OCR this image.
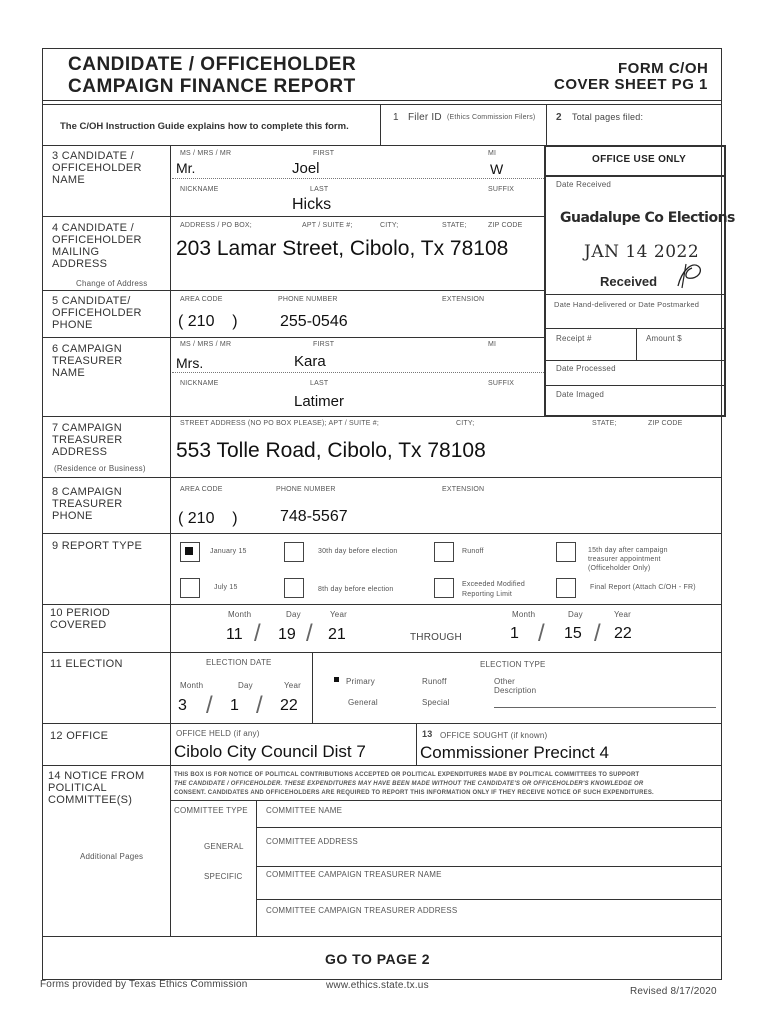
CANDIDATE / OFFICEHOLDER
CAMPAIGN FINANCE REPORT
FORM C/OH
COVER SHEET PG 1
The C/OH Instruction Guide explains how to complete this form.
1 Filer ID (Ethics Commission Filers) 2 Total pages filed:
OFFICE USE ONLY
Date Received
Guadalupe Co Elections
JAN 14 2022
Received
Date Hand-delivered or Date Postmarked
Receipt #	Amount $
Date Processed
Date Imaged
3 CANDIDATE /
OFFICEHOLDER
NAME
MS / MRS / MR	FIRST	MI
Mr.	Joel	W
NICKNAME	LAST	SUFFIX
Hicks
4 CANDIDATE /
OFFICEHOLDER
MAILING
ADDRESS
Change of Address
ADDRESS / PO BOX;	APT / SUITE #;	CITY;	STATE;	ZIP CODE
203 Lamar Street, Cibolo, Tx 78108
5 CANDIDATE/
OFFICEHOLDER
PHONE
AREA CODE	PHONE NUMBER	EXTENSION
( 210    )	255-0546
6 CAMPAIGN
TREASURER
NAME
MS / MRS / MR	FIRST	MI
Mrs.	Kara
NICKNAME	LAST	SUFFIX
Latimer
7 CAMPAIGN
TREASURER
ADDRESS
(Residence or Business)
STREET ADDRESS (NO PO BOX PLEASE); APT / SUITE #;	CITY;	STATE;	ZIP CODE
553 Tolle Road, Cibolo, Tx 78108
8 CAMPAIGN
TREASURER
PHONE
AREA CODE	PHONE NUMBER	EXTENSION
( 210    )	748-5567
9 REPORT TYPE	January 15	30th day before election	Runoff	15th day after campaign
treasurer appointment
(Officeholder Only)
July 15	8th day before election
Exceeded Modified
Reporting Limit
Final Report (Attach C/OH - FR)
10 PERIOD
COVERED
Month	Day	Year
11 / 19 / 21	THROUGH
Month	Day	Year
1 / 15 / 22
11 ELECTION	ELECTION DATE	ELECTION TYPE
Month	Day	Year
3 / 1 / 22
Primary	Runoff	Other
Description
General	Special
12 OFFICE	OFFICE HELD (if any)
Cibolo City Council Dist 7
13 OFFICE SOUGHT (if known)
Commissioner Precinct 4
14 NOTICE FROM
POLITICAL
COMMITTEE(S)
Additional Pages
THIS BOX IS FOR NOTICE OF POLITICAL CONTRIBUTIONS ACCEPTED OR POLITICAL EXPENDITURES MADE BY POLITICAL COMMITTEES TO SUPPORT
THE CANDIDATE / OFFICEHOLDER. THESE EXPENDITURES MAY HAVE BEEN MADE WITHOUT THE CANDIDATE'S OR OFFICEHOLDER'S KNOWLEDGE OR
CONSENT. CANDIDATES AND OFFICEHOLDERS ARE REQUIRED TO REPORT THIS INFORMATION ONLY IF THEY RECEIVE NOTICE OF SUCH EXPENDITURES.
COMMITTEE TYPE COMMITTEE NAME
GENERAL
COMMITTEE ADDRESS
SPECIFIC	COMMITTEE CAMPAIGN TREASURER NAME
COMMITTEE CAMPAIGN TREASURER ADDRESS
GO TO PAGE 2
Forms provided by Texas Ethics Commission	www.ethics.state.tx.us
Revised 8/17/2020
